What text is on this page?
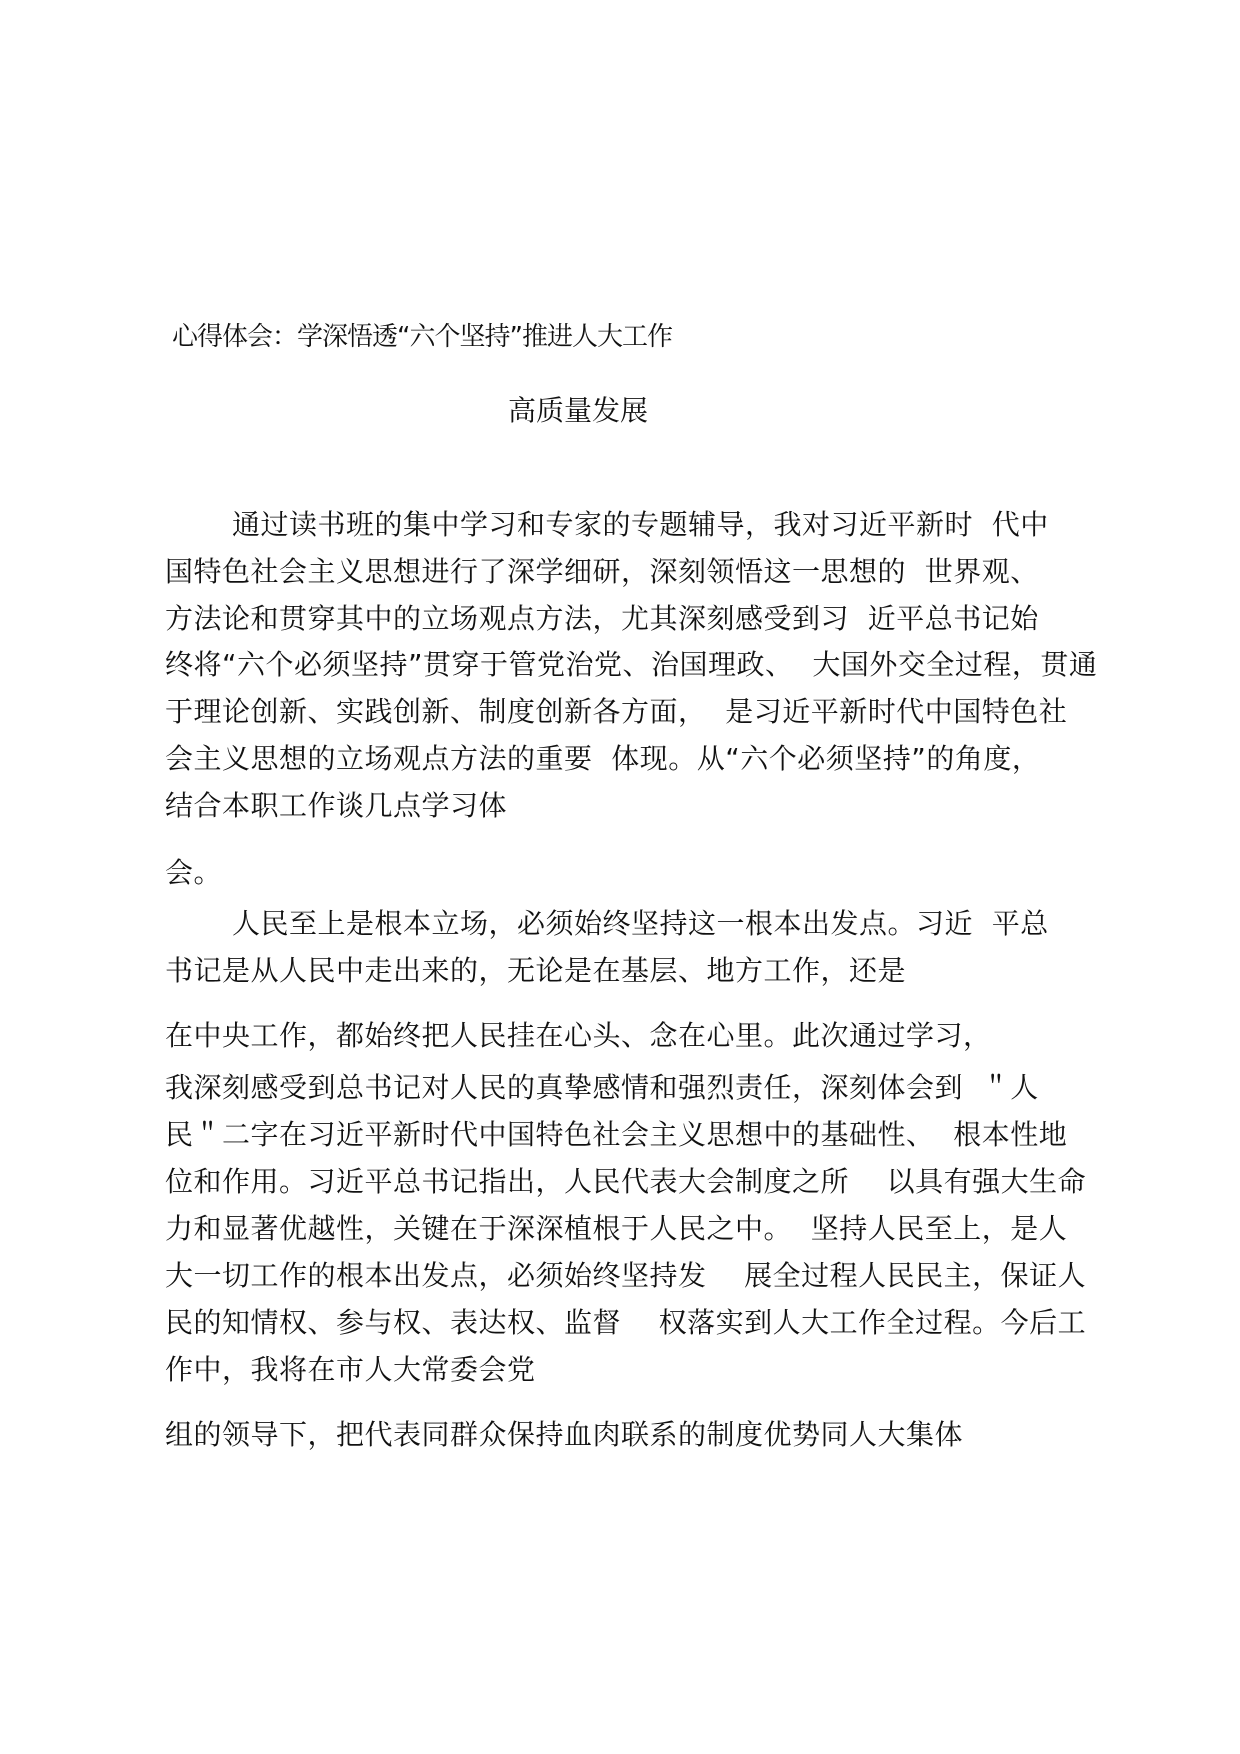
心得体会：学深悟透“六个坚持”推进人大工作
高质量发展
通过读书班的集中学习和专家的专题辅导，我对习近平新时  代中
国特色社会主义思想进行了深学细研，深刻领悟这一思想的  世界观、
方法论和贯穿其中的立场观点方法，尤其深刻感受到习  近平总书记始
终将“六个必须坚持”贯穿于管党治党、治国理政、  大国外交全过程，贯通
于理论创新、实践创新、制度创新各方面，  是习近平新时代中国特色社
会主义思想的立场观点方法的重要  体现。从“六个必须坚持”的角度，
结合本职工作谈几点学习体
会。
人民至上是根本立场，必须始终坚持这一根本出发点。习近  平总
书记是从人民中走出来的，无论是在基层、地方工作，还是
在中央工作，都始终把人民挂在心头、念在心里。此次通过学习，
我深刻感受到总书记对人民的真挚感情和强烈责任，深刻体会到  ＂人
民＂二字在习近平新时代中国特色社会主义思想中的基础性、  根本性地
位和作用。习近平总书记指出，人民代表大会制度之所    以具有强大生命
力和显著优越性，关键在于深深植根于人民之中。  坚持人民至上，是人
大一切工作的根本出发点，必须始终坚持发    展全过程人民民主，保证人
民的知情权、参与权、表达权、监督    权落实到人大工作全过程。今后工
作中，我将在市人大常委会党
组的领导下，把代表同群众保持血肉联系的制度优势同人大集体
